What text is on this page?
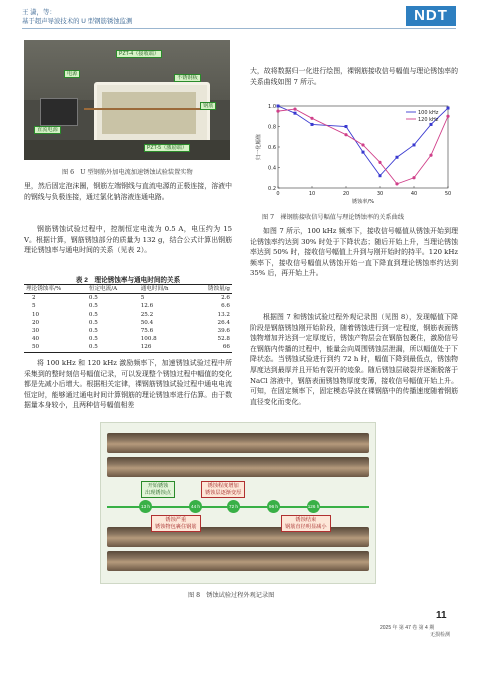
王 潇，等：
基于超声导波技术的 U 型钢筋锈蚀监测	NDT
PZT-4（接收端）
电源
不锈钢板
PZT-5（激励端）
直流电源
钢筋
图 6　U 型钢筋外加电流加速锈蚀试验装置实物
里，然后固定泡沫圈，钢筋左端钢线与直流电源的正极连接，溶液中的钢线与负极连接，通过氯化钠溶液连通电路。
钢筋锈蚀试验过程中，控制恒定电流为 0.5 A，电压约为 15 V。根据计算，钢筋锈蚀部分的质量为 132 g，结合公式计算出钢筋理论锈蚀率与通电时间的关系（见表 2）。
表 2　理论锈蚀率与通电时间的关系
理论锈蚀率/%	恒定电流/A	通电时间/h	锈蚀量/g
2	0.5	5	2.6
5	0.5	12.6	6.6
10	0.5	25.2	13.2
20	0.5	50.4	26.4
30	0.5	75.6	39.6
40	0.5	100.8	52.8
50	0.5	126	66
将 100 kHz 和 120 kHz 激励频率下，加速锈蚀试验过程中所采集到的整时刻信号幅值记录，可以发现整个锈蚀过程中幅值的变化都是先减小后增大。根据相关定律，裸钢筋锈蚀试验过程中通电电流恒定时，能够通过通电时间计算钢筋的理论锈蚀率进行估算。由于数据量本身较小，且两种信号幅值相差
大，故将数据归一化进行绘图，裸钢筋接收信号幅值与理论锈蚀率的关系曲线如图 7 所示。
0	10	20	30	40	50
0.2
0.4
0.6
0.8
1.0
锈蚀率/%
归一化幅值
100 kHz
120 kHz
图 7　裸钢筋接收信号幅值与理论锈蚀率的关系曲线
如图 7 所示，100 kHz 频率下，接收信号幅值从锈蚀开始到理论锈蚀率约达到 30% 时处于下降状态；随后开始上升，当理论锈蚀率达到 50% 时，接收信号幅值上升到与刚开始时的持平。120 kHz 频率下，接收信号幅值从锈蚀开始一直下降直到理论锈蚀率约达到 35% 后，再开始上升。
根据图 7 和锈蚀试验过程外观记录图（见图 8），发现幅值下降阶段是钢筋锈蚀刚开始阶段，随着锈蚀进行到一定程度，钢筋表面锈蚀物增加并达到一定厚度后，锈蚀产物层会在钢筋包裹住，激励信号在钢筋内传播的过程中，能量会向周围锈蚀层泄漏，所以幅值处于下降状态。当锈蚀试验进行到约 72 h 时，幅值下降到最低点，锈蚀物厚度达到最厚并且开始有裂开的迹象。随后锈蚀层破裂并逐渐脱落于 NaCl 溶液中，钢筋表面锈蚀物厚度变薄，接收信号幅值开始上升。可知，在固定频率下，固定模态导波在裸钢筋中的传播速度随着钢筋直径变化而变化。
13 h	44 h	72 h	96 h	126 h
开始锈蚀
出现锈蚀点
锈蚀程度增加
锈蚀层逐渐变厚
锈蚀严重
锈蚀物包裹住钢筋
锈蚀结束
钢筋直径明显减小
图 8　锈蚀试验过程外观记录图
11
2025 年 第 47 卷 第 4 期
无损检测
